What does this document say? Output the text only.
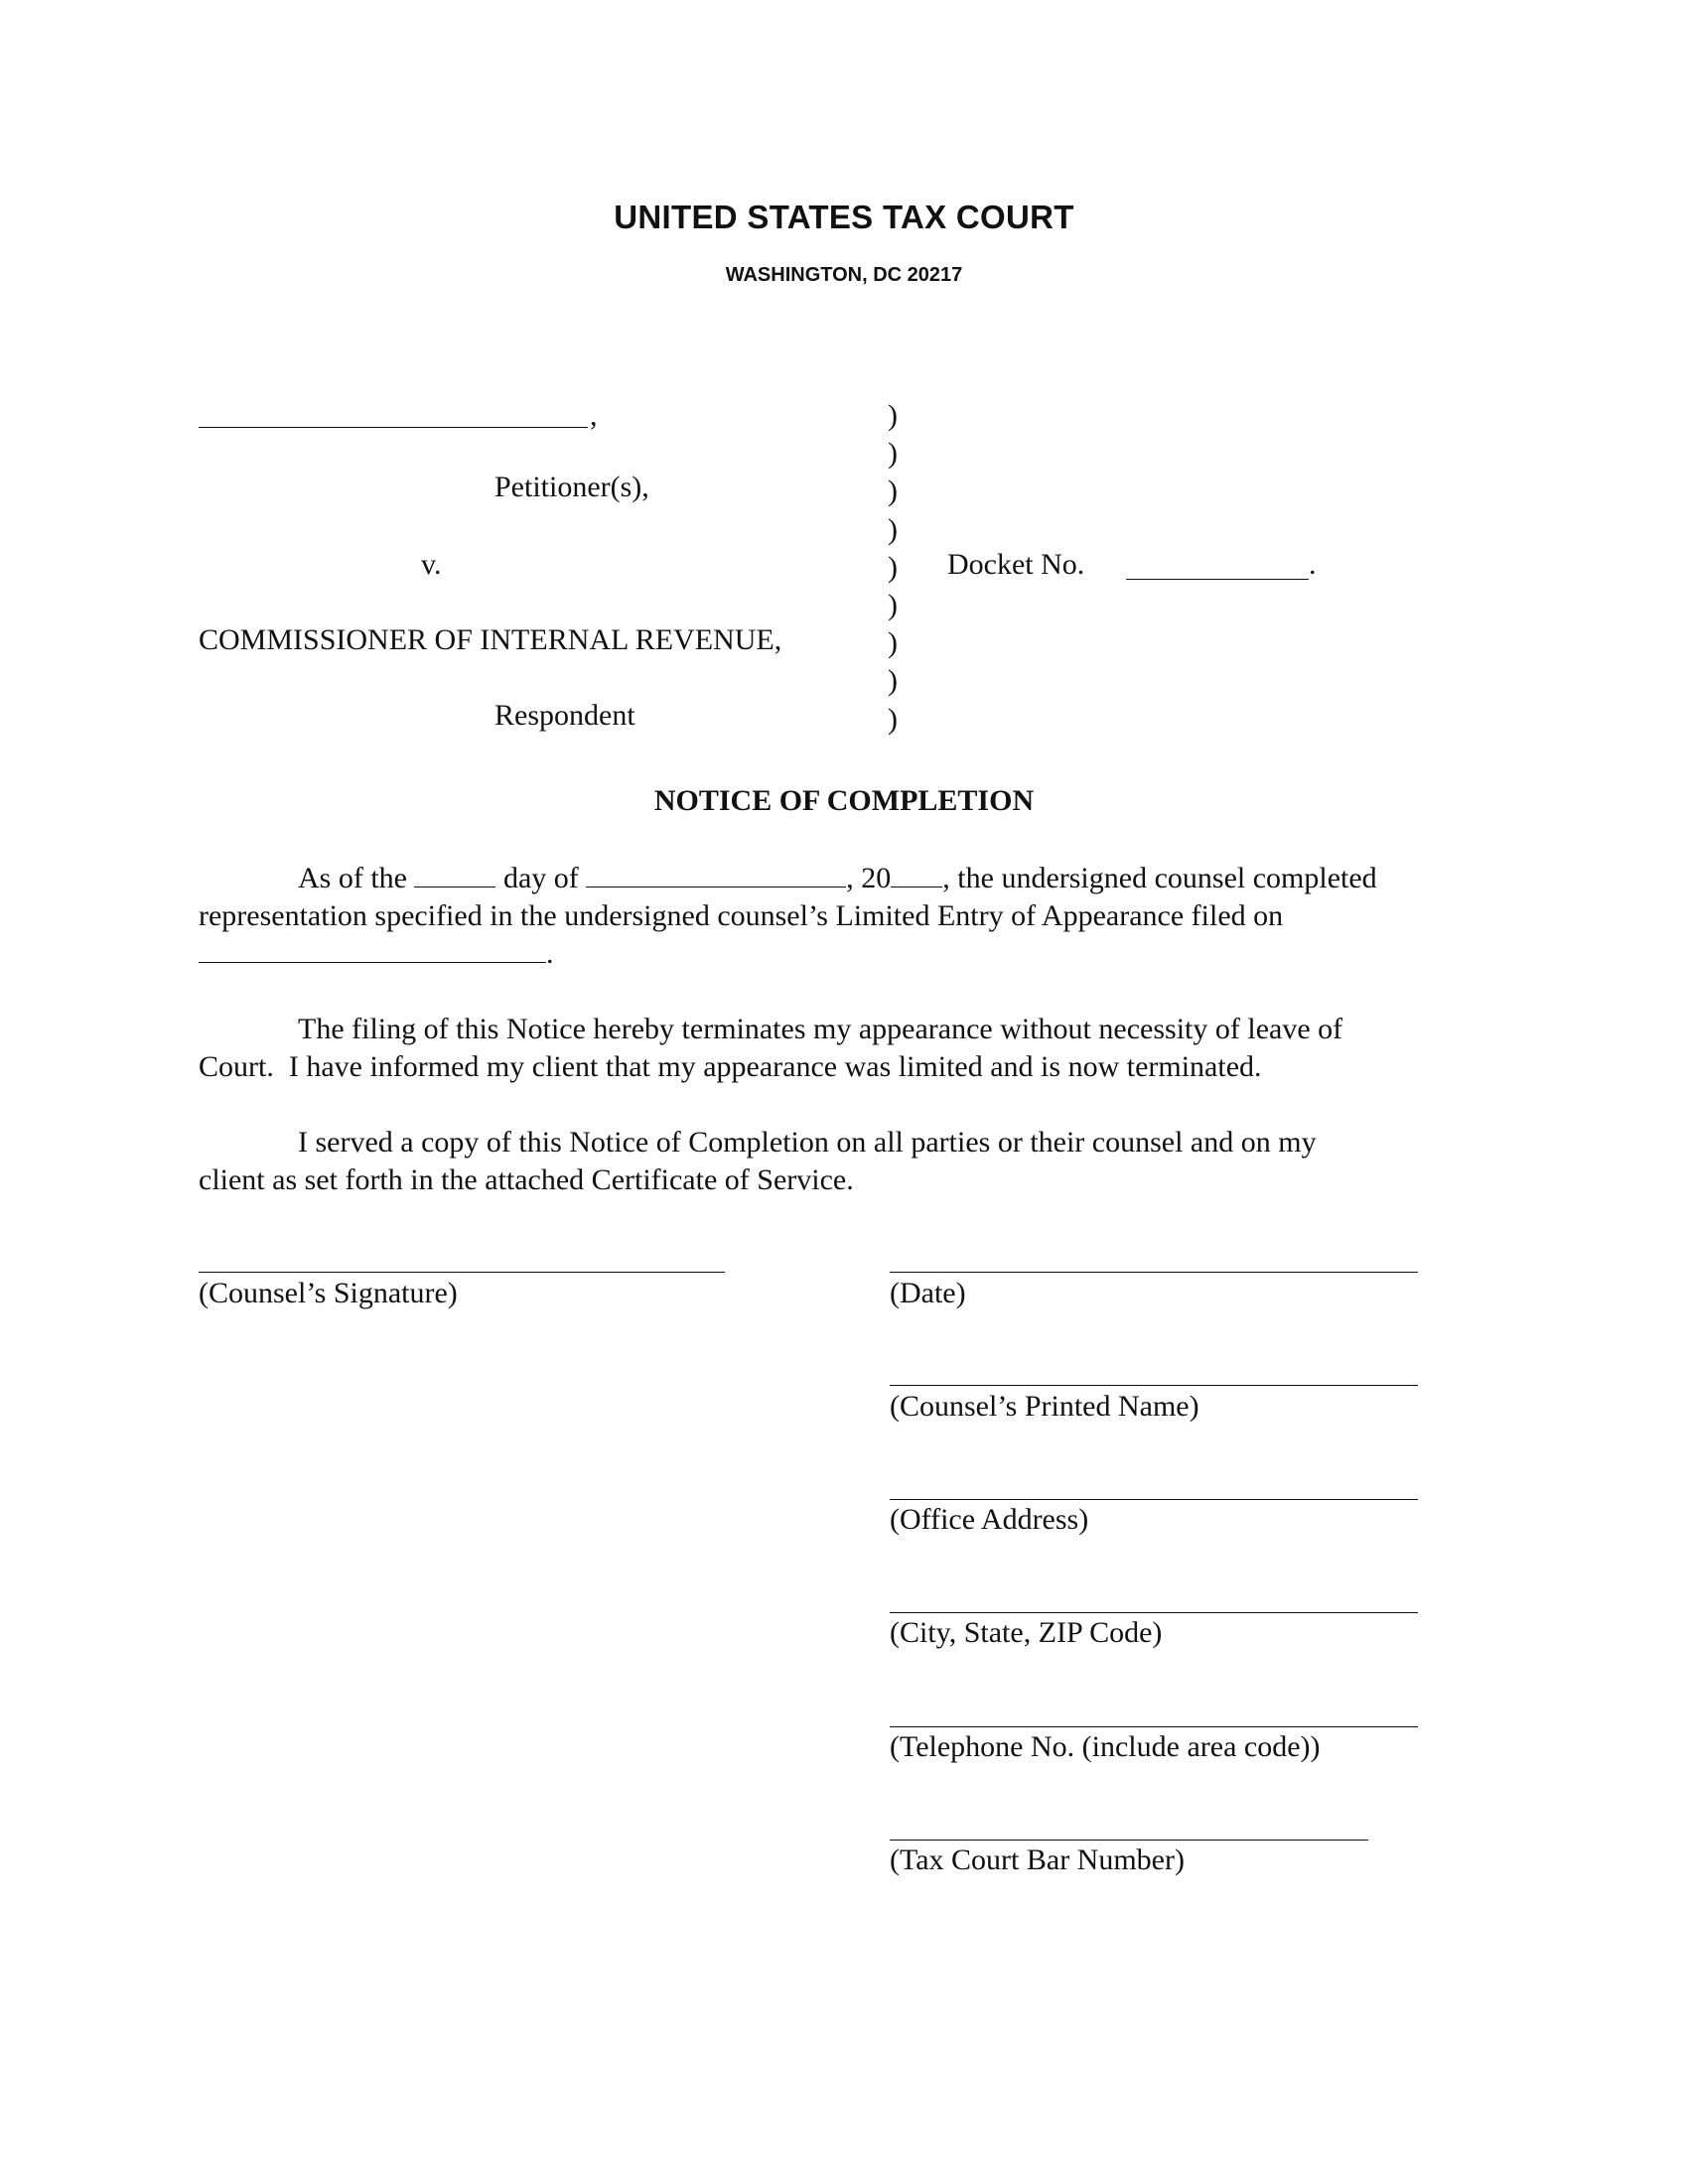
UNITED STATES TAX COURT
WASHINGTON, DC 20217
,
Petitioner(s),
v.
COMMISSIONER OF INTERNAL REVENUE,
Respondent
)
)
)
)
)
)
)
)
)
Docket No.	.
NOTICE OF COMPLETION
As of the	day of	, 20 , the undersigned counsel completed
representation specified in the undersigned counsel’s Limited Entry of Appearance filed on
.
The filing of this Notice hereby terminates my appearance without necessity of leave of
Court.  I have informed my client that my appearance was limited and is now terminated.
I served a copy of this Notice of Completion on all parties or their counsel and on my
client as set forth in the attached Certificate of Service.
(Counsel’s Signature)	(Date)
(Counsel’s Printed Name)
(Office Address)
(City, State, ZIP Code)
(Telephone No. (include area code))
(Tax Court Bar Number)
